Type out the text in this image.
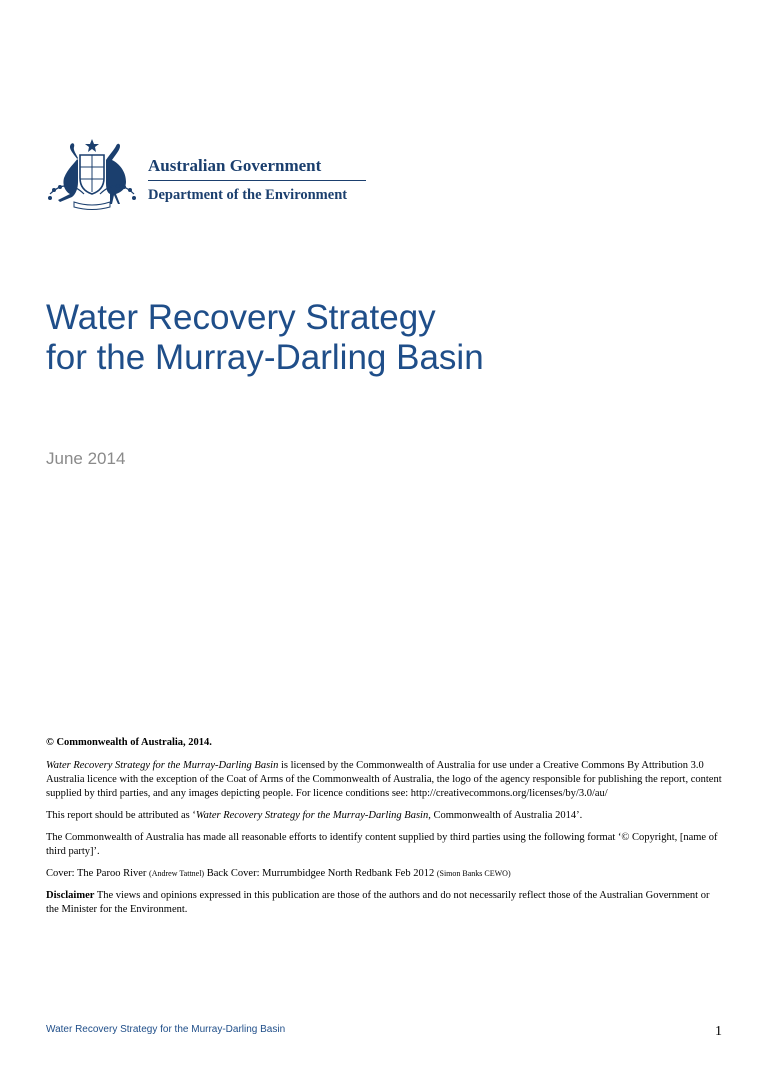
Australian Government
Department of the Environment
Water Recovery Strategy
for the Murray-Darling Basin
June 2014

© Commonwealth of Australia, 2014.

Water Recovery Strategy for the Murray-Darling Basin is licensed by the Commonwealth of Australia for use under a Creative Commons By Attribution 3.0 Australia licence with the exception of the Coat of Arms of the Commonwealth of Australia, the logo of the agency responsible for publishing the report, content supplied by third parties, and any images depicting people. For licence conditions see: http://creativecommons.org/licenses/by/3.0/au/

This report should be attributed as ‘Water Recovery Strategy for the Murray-Darling Basin, Commonwealth of Australia 2014’.

The Commonwealth of Australia has made all reasonable efforts to identify content supplied by third parties using the following format ‘© Copyright, [name of third party]’.

Cover: The Paroo River (Andrew Tattnel) Back Cover: Murrumbidgee North Redbank Feb 2012 (Simon Banks CEWO)

Disclaimer The views and opinions expressed in this publication are those of the authors and do not necessarily reflect those of the Australian Government or the Minister for the Environment.

Water Recovery Strategy for the Murray-Darling Basin	1
